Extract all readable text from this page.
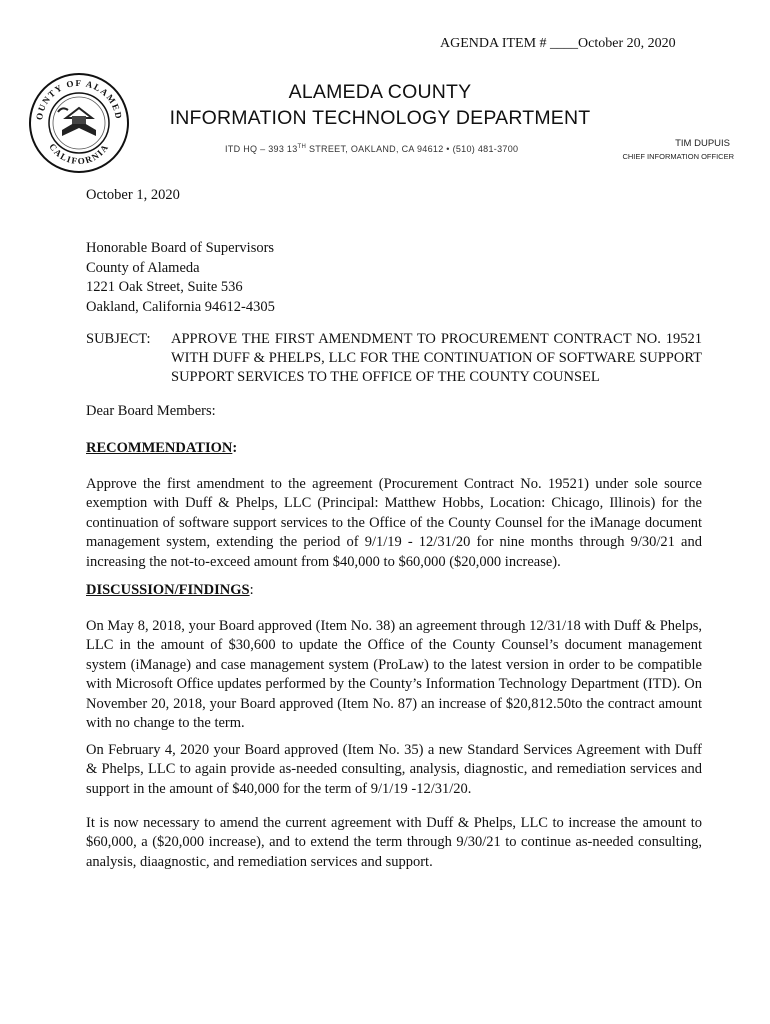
AGENDA ITEM # ____October 20, 2020
OUNTY OF ALAMED
CALIFORNIA
ALAMEDA COUNTY
INFORMATION TECHNOLOGY DEPARTMENT
ITD HQ – 393 13TH STREET, OAKLAND, CA 94612 • (510) 481-3700	TIM DUPUIS
CHIEF INFORMATION OFFICER
October 1, 2020
Honorable Board of Supervisors
County of Alameda
1221 Oak Street, Suite 536
Oakland, California 94612-4305
SUBJECT: APPROVE THE FIRST AMENDMENT TO PROCUREMENT CONTRACT NO. 19521 WITH DUFF & PHELPS, LLC FOR THE CONTINUATION OF SOFTWARE SUPPORT SUPPORT SERVICES TO THE OFFICE OF THE COUNTY COUNSEL
Dear Board Members:
RECOMMENDATION:
Approve the first amendment to the agreement (Procurement Contract No. 19521) under sole source exemption with Duff & Phelps, LLC (Principal: Matthew Hobbs, Location: Chicago, Illinois) for the continuation of software support services to the Office of the County Counsel for the iManage document management system, extending the period of 9/1/19 - 12/31/20 for nine months through 9/30/21 and increasing the not-to-exceed amount from $40,000 to $60,000 ($20,000 increase).
DISCUSSION/FINDINGS:
On May 8, 2018, your Board approved (Item No. 38) an agreement through 12/31/18 with Duff & Phelps, LLC in the amount of $30,600 to update the Office of the County Counsel’s document management system (iManage) and case management system (ProLaw) to the latest version in order to be compatible with Microsoft Office updates performed by the County’s Information Technology Department (ITD). On November 20, 2018, your Board approved (Item No. 87) an increase of $20,812.50to the contract amount with no change to the term.
On February 4, 2020 your Board approved (Item No. 35) a new Standard Services Agreement with Duff & Phelps, LLC to again provide as-needed consulting, analysis, diagnostic, and remediation services and support in the amount of $40,000 for the term of 9/1/19 -12/31/20.
It is now necessary to amend the current agreement with Duff & Phelps, LLC to increase the amount to $60,000, a ($20,000 increase), and to extend the term through 9/30/21 to continue as-needed consulting, analysis, diaagnostic, and remediation services and support.
